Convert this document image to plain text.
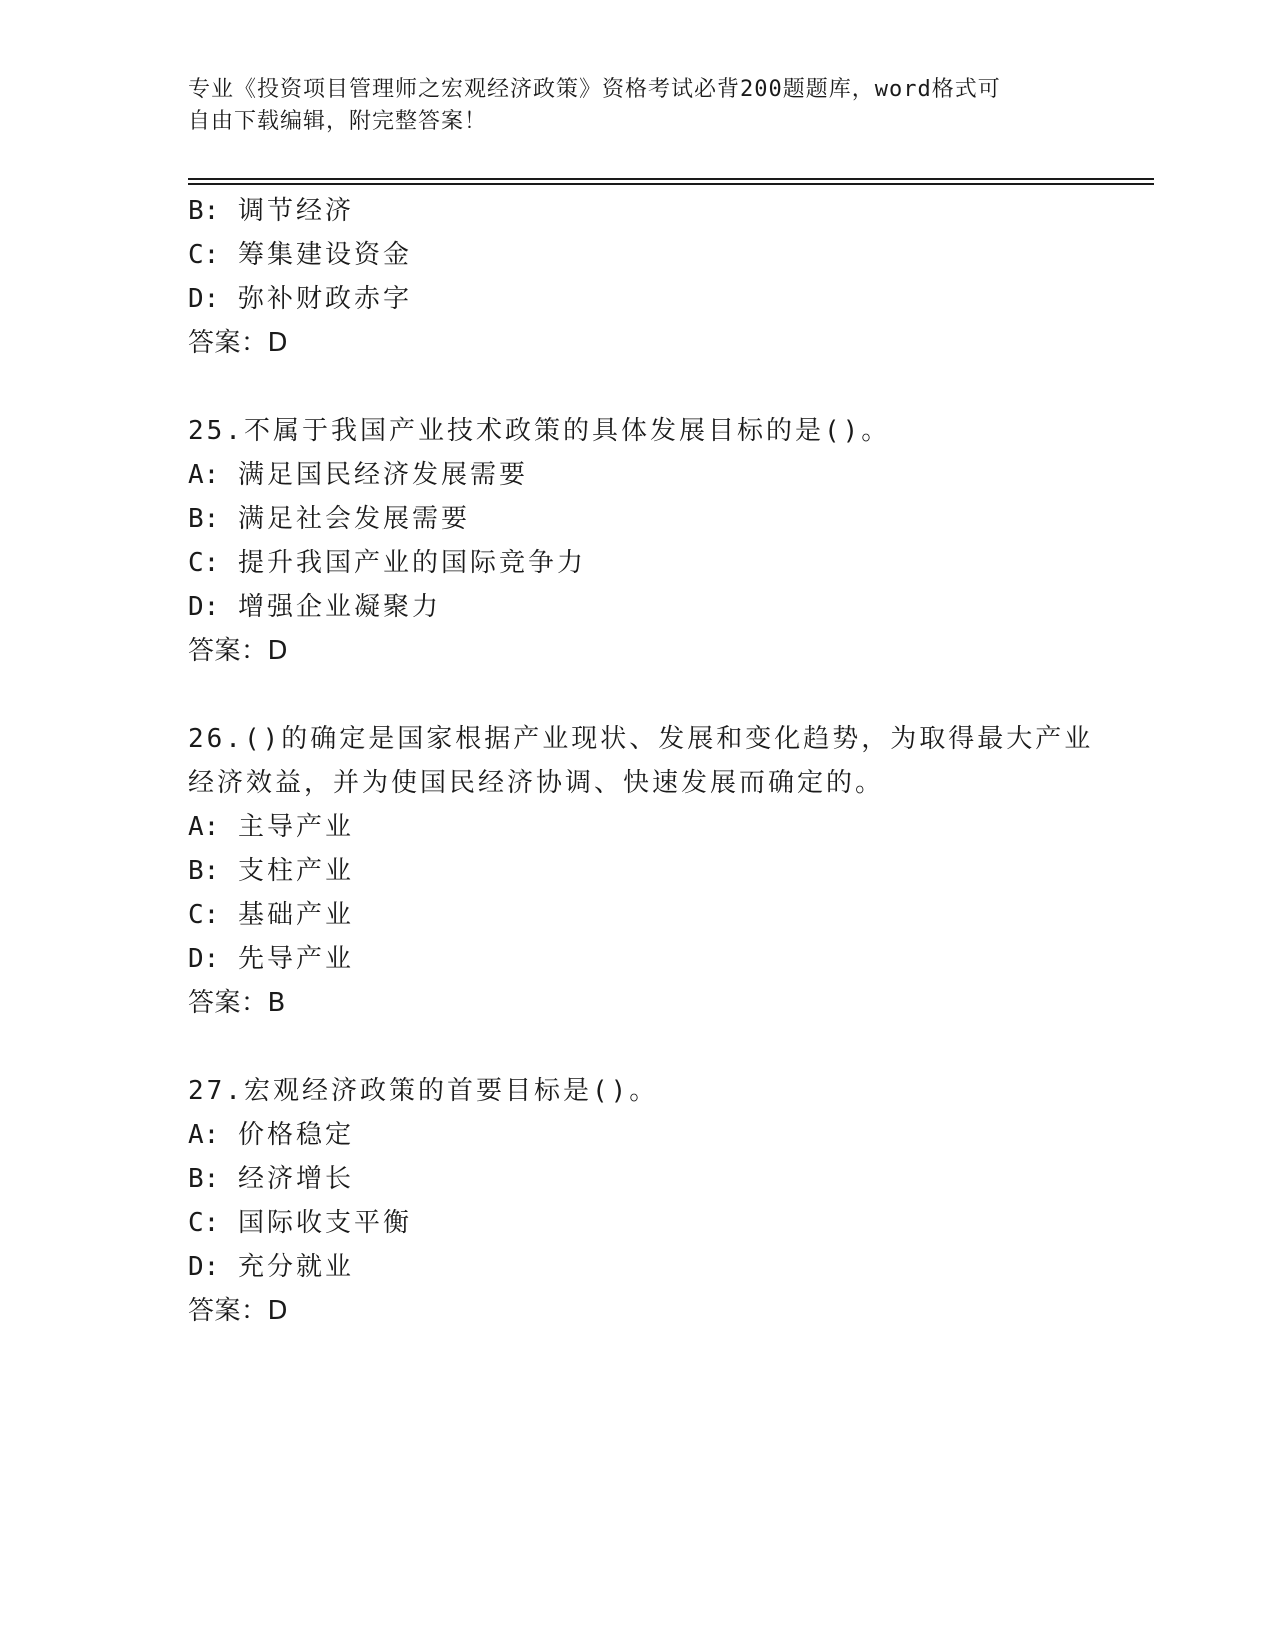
专业《投资项目管理师之宏观经济政策》资格考试必背200题题库，word格式可
自由下载编辑，附完整答案！
B: 调节经济
C: 筹集建设资金
D: 弥补财政赤字
答案：D
25.不属于我国产业技术政策的具体发展目标的是()。
A: 满足国民经济发展需要
B: 满足社会发展需要
C: 提升我国产业的国际竞争力
D: 增强企业凝聚力
答案：D
26.()的确定是国家根据产业现状、发展和变化趋势，为取得最大产业
经济效益，并为使国民经济协调、快速发展而确定的。
A: 主导产业
B: 支柱产业
C: 基础产业
D: 先导产业
答案：B
27.宏观经济政策的首要目标是()。
A: 价格稳定
B: 经济增长
C: 国际收支平衡
D: 充分就业
答案：D
